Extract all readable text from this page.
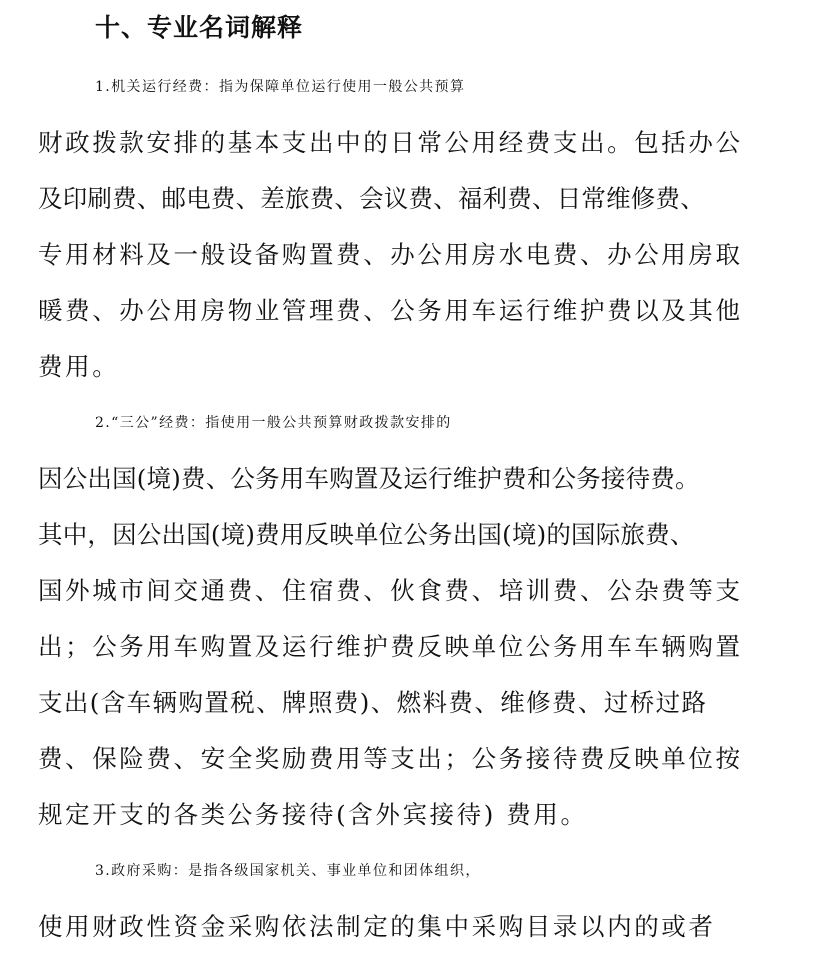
十、专业名词解释
1.机关运行经费：指为保障单位运行使用一般公共预算
财政拨款安排的基本支出中的日常公用经费支出。包括办公
及印刷费、邮电费、差旅费、会议费、福利费、日常维修费、
专用材料及一般设备购置费、办公用房水电费、办公用房取
暖费、办公用房物业管理费、公务用车运行维护费以及其他
费用。
2.“三公”经费：指使用一般公共预算财政拨款安排的
因公出国(境)费、公务用车购置及运行维护费和公务接待费。
其中，因公出国(境)费用反映单位公务出国(境)的国际旅费、
国外城市间交通费、住宿费、伙食费、培训费、公杂费等支
出；公务用车购置及运行维护费反映单位公务用车车辆购置
支出(含车辆购置税、牌照费)、燃料费、维修费、过桥过路
费、保险费、安全奖励费用等支出；公务接待费反映单位按
规定开支的各类公务接待(含外宾接待) 费用。
3.政府采购：是指各级国家机关、事业单位和团体组织，
使用财政性资金采购依法制定的集中采购目录以内的或者
